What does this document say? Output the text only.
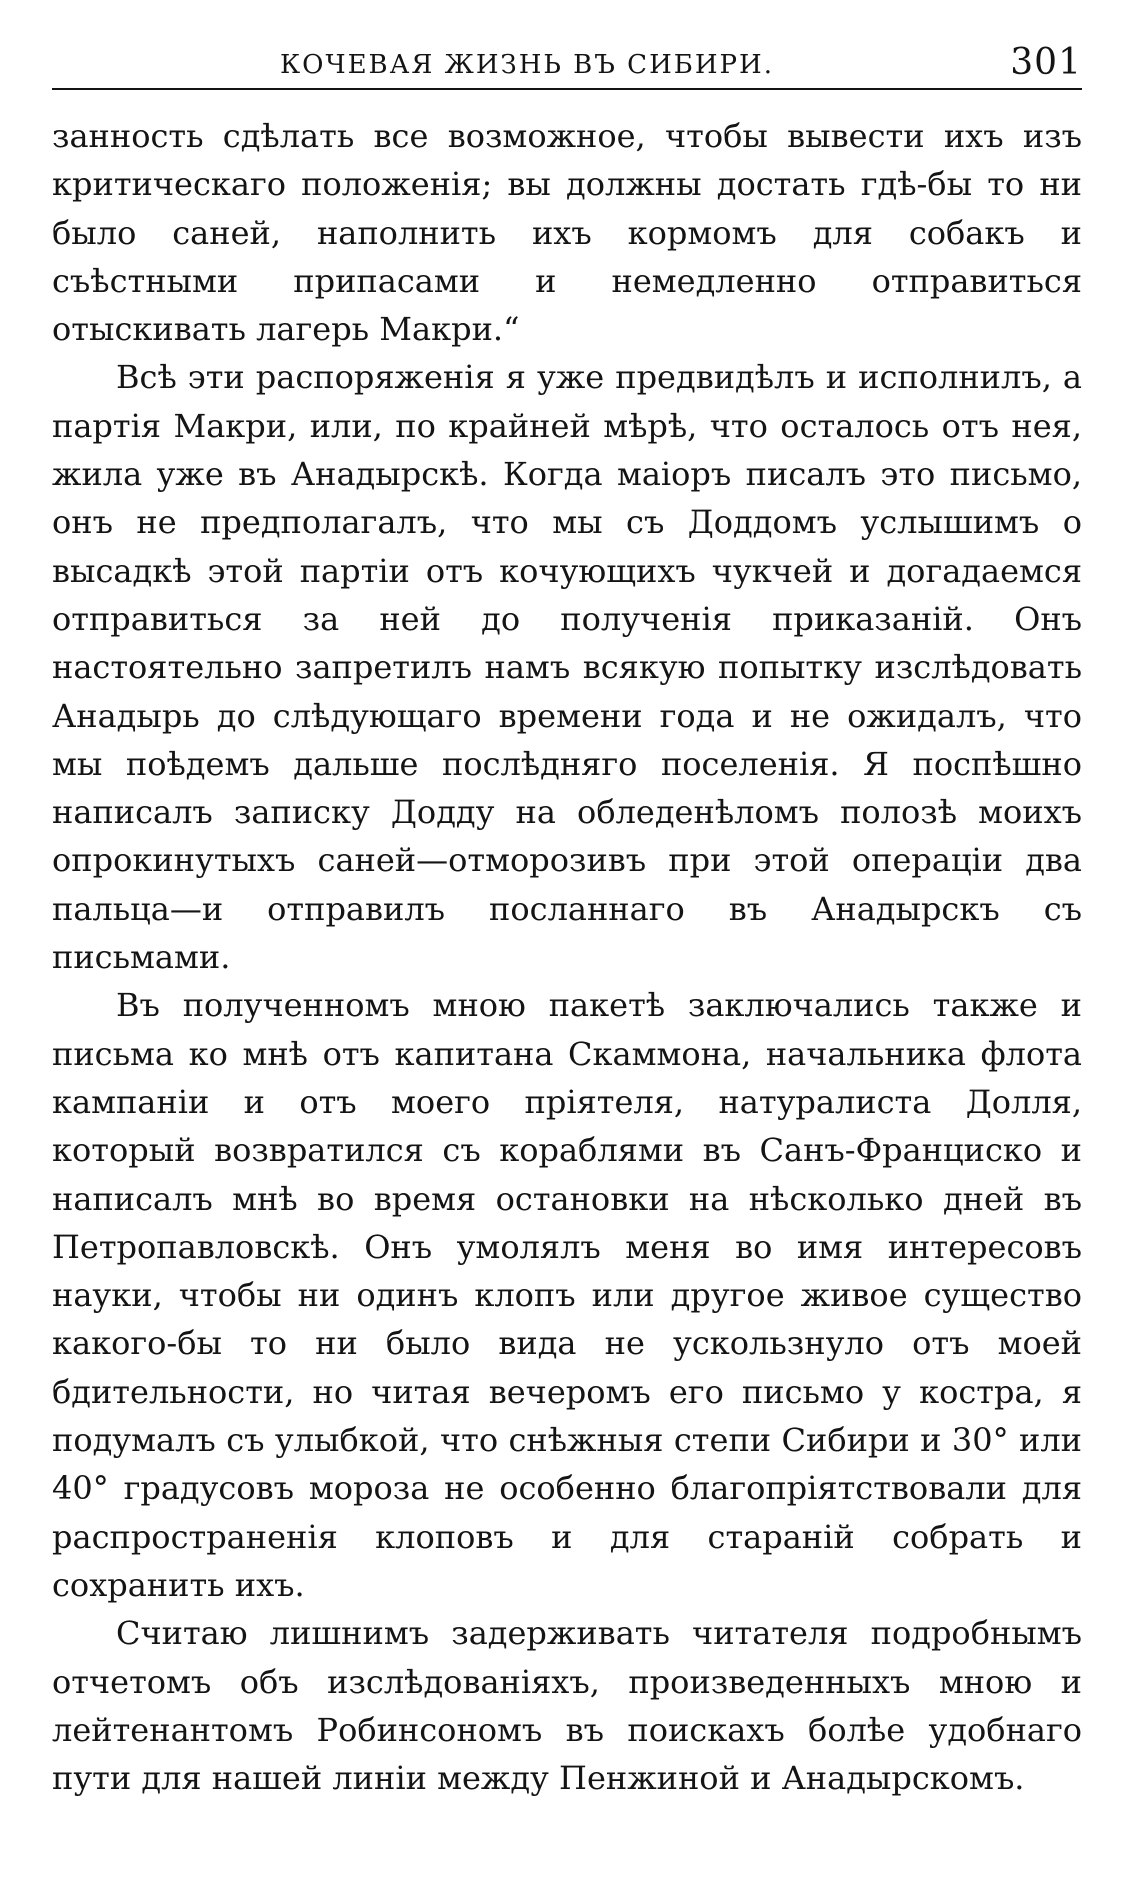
КОЧЕВАЯ ЖИЗНЬ ВЪ СИБИРИ.	301

занность сдѣлать все возможное, чтобы вывести ихъ изъ критическаго положенія; вы должны достать гдѣ-бы то ни было саней, наполнить ихъ кормомъ для собакъ и съѣстными припасами и немедленно отправиться отыскивать лагерь Макри.“

Всѣ эти распоряженія я уже предвидѣлъ и исполнилъ, а партія Макри, или, по крайней мѣрѣ, что осталось отъ нея, жила уже въ Анадырскѣ. Когда маіоръ писалъ это письмо, онъ не предполагалъ, что мы съ Доддомъ услышимъ о высадкѣ этой партіи отъ кочующихъ чукчей и догадаемся отправиться за ней до полученія приказаній. Онъ настоятельно запретилъ намъ всякую попытку изслѣдовать Анадырь до слѣдующаго времени года и не ожидалъ, что мы поѣдемъ дальше послѣдняго поселенія. Я поспѣшно написалъ записку Додду на обледенѣломъ полозѣ моихъ опрокинутыхъ саней—отморозивъ при этой операціи два пальца—и отправилъ посланнаго въ Анадырскъ съ письмами.

Въ полученномъ мною пакетѣ заключались также и письма ко мнѣ отъ капитана Скаммона, начальника флота кампаніи и отъ моего пріятеля, натуралиста Долля, который возвратился съ кораблями въ Санъ-Франциско и написалъ мнѣ во время остановки на нѣсколько дней въ Петропавловскѣ. Онъ умолялъ меня во имя интересовъ науки, чтобы ни одинъ клопъ или другое живое существо какого-бы то ни было вида не ускользнуло отъ моей бдительности, но читая вечеромъ его письмо у костра, я подумалъ съ улыбкой, что снѣжныя степи Сибири и 30° или 40° градусовъ мороза не особенно благопріятствовали для распространенія клоповъ и для стараній собрать и сохранить ихъ.

Считаю лишнимъ задерживать читателя подробнымъ отчетомъ объ изслѣдованіяхъ, произведенныхъ мною и лейтенантомъ Робинсономъ въ поискахъ болѣе удобнаго пути для нашей линіи между Пенжиной и Анадырскомъ.
